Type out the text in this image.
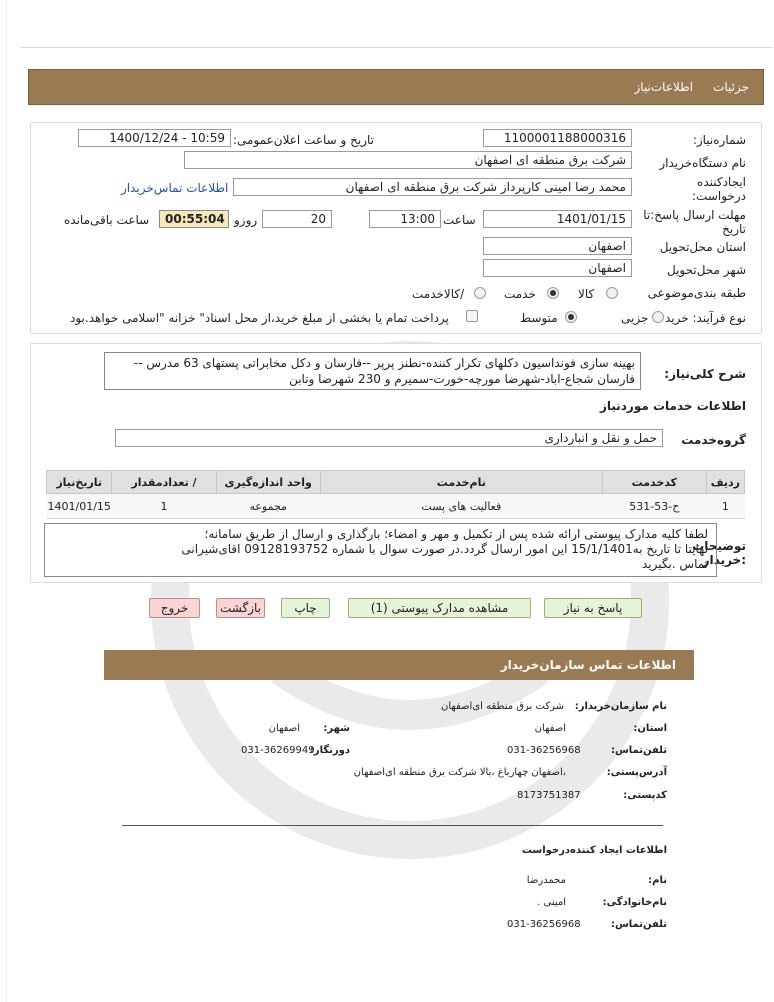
جزئیات
اطلاعات‌نیاز
شماره‌نیاز:
1100001188000316
تاریخ و ساعت اعلان‌عمومی:
1400/12/24 - 10:59
نام دستگاه‌خریدار
شرکت برق منطقه ای اصفهان
ایجادکننده
درخواست:
محمد رضا امینی کارپرداز شرکت برق منطقه ای اصفهان
اطلاعات تماس‌خریدار
مهلت ارسال پاسخ:تا
تاریخ
1401/01/15
ساعت
13:00
20
روزو
00:55:04
ساعت باقی‌مانده
استان محل‌تحویل
اصفهان
شهر محل‌تحویل
اصفهان
طبقه بندی‌موضوعی
کالا
خدمت
/کالاخدمت
نوع فرآیند: خرید
جزیی
متوسط
پرداخت تمام یا بخشی از مبلغ خرید،از محل اسناد" خزانه "اسلامی خواهد.بود
شرح کلی‌نیاز:
بهینه سازی فونداسیون دکلهای تکرار کننده-نطنز پرپر --فارسان و دکل مخابراتی پستهای 63 مدرس --فارسان شجاع-اباد-شهرضا مورچه-خورت-سمیرم و 230 شهرضا وتابن
اطلاعات خدمات موردنیاز
گروه‌خدمت
حمل و نقل و انبارداری
ردیف	کدخدمت	نام‌خدمت	واحد اندازه‌گیری	/ تعدادمقدار	تاریخ‌نیاز
1	ح-53-531	فعالیت های پست	مجموعه	1	1401/01/15
توضیحات
:خریدار
لطفا کلیه مدارک پیوستی ارائه شده پس از تکمیل و مهر و امضاء؛ بارگذاری و ارسال از طریق سامانه؛
نهایتا تا تاریخ به15/1/1401 این امور ارسال گردد.در صورت سوال با شماره 09128193752 اقای‌شیرانی
تماس .بگیرید
پاسخ به نیاز
مشاهده مدارک پیوستی (1)
چاپ
بازگشت
خروج
اطلاعات تماس سازمان‌خریدار
نام سازمان‌خریدار:
شرکت برق منطقه ای‌اصفهان
استان:
اصفهان
شهر:
اصفهان
تلفن‌تماس:
031-36256968
دورنگار:
031-36269949
آدرس‌پستی:
،اصفهان چهارباغ ،بالا شرکت برق منطقه ای‌اصفهان
کدپستی:
8173751387
اطلاعات ایجاد کننده‌درخواست
نام:
محمدرضا
نام‌خانوادگی:
امینی .
تلفن‌تماس:
031-36256968
